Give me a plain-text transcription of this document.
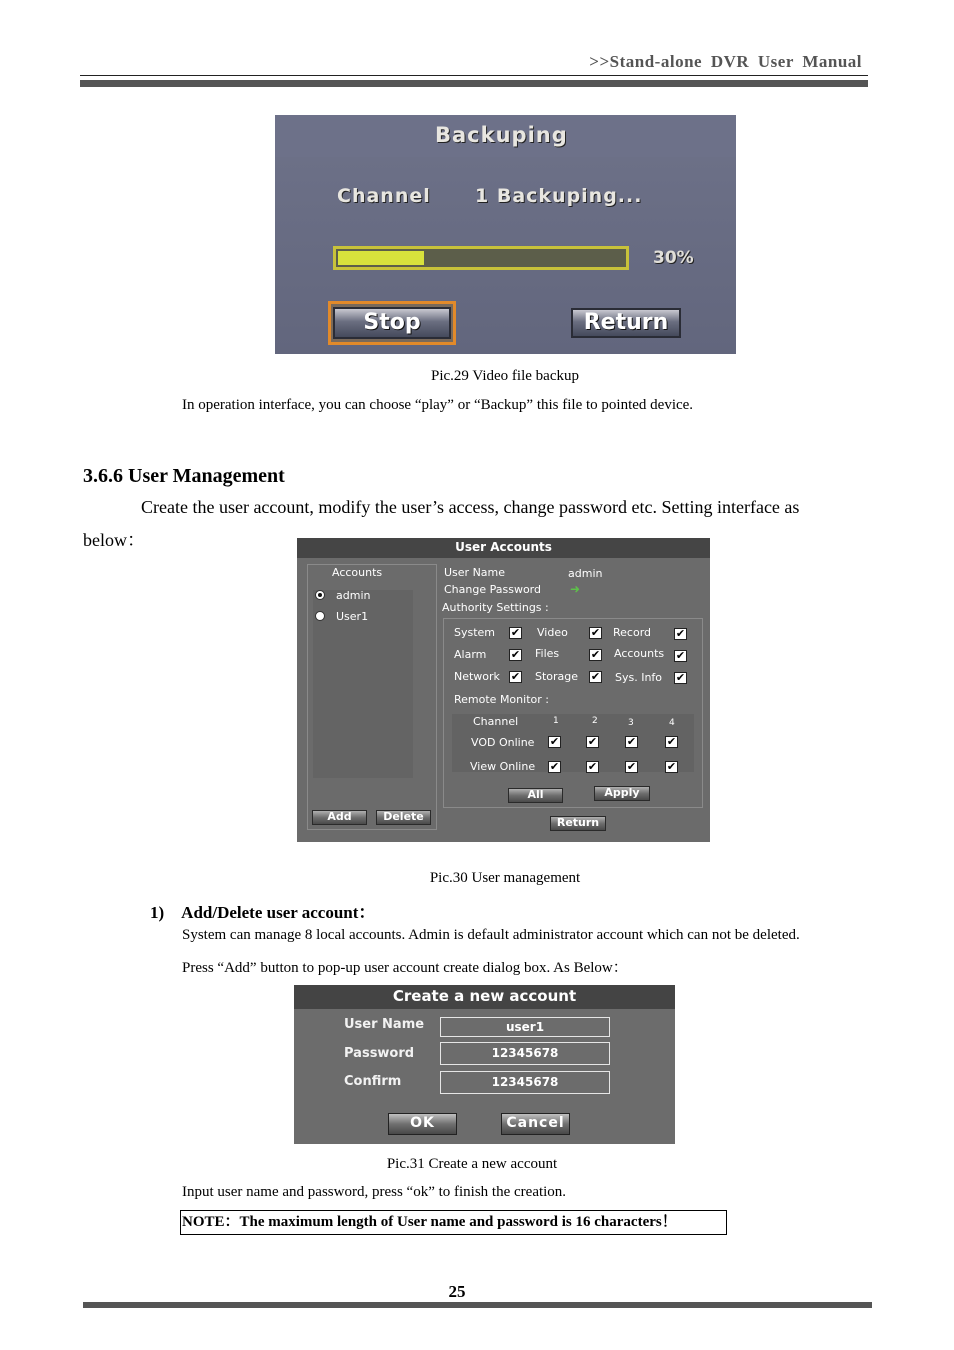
>>Stand-alone DVR User Manual
Backuping
Channel 1 Backuping...
30%
Stop	Return
Pic.29 Video file backup
In operation interface, you can choose “play” or “Backup” this file to pointed device.
3.6.6 User Management
Create the user account, modify the user’s access, change password etc. Setting interface as
below：	User Accounts
Accounts
admin
User1
Add	Delete
User Name	admin
Change Password ➜
Authority Settings :
System ✔ Video ✔ Record ✔
Alarm ✔ Files	✔ Accounts ✔
Network ✔ Storage ✔ Sys. Info ✔
Remote Monitor :
Channel	1	2	3	4
VOD Online ✔	✔	✔	✔
View Online ✔	✔	✔	✔
All	Apply
Return
Pic.30 User management
1)    Add/Delete user account：
System can manage 8 local accounts. Admin is default administrator account which can not be deleted.
Press “Add” button to pop-up user account create dialog box. As Below：
Create a new account
User Name	user1
Password	12345678
Confirm	12345678
OK	Cancel
Pic.31 Create a new account
Input user name and password, press “ok” to finish the creation.
NOTE：The maximum length of User name and password is 16 characters！
25
